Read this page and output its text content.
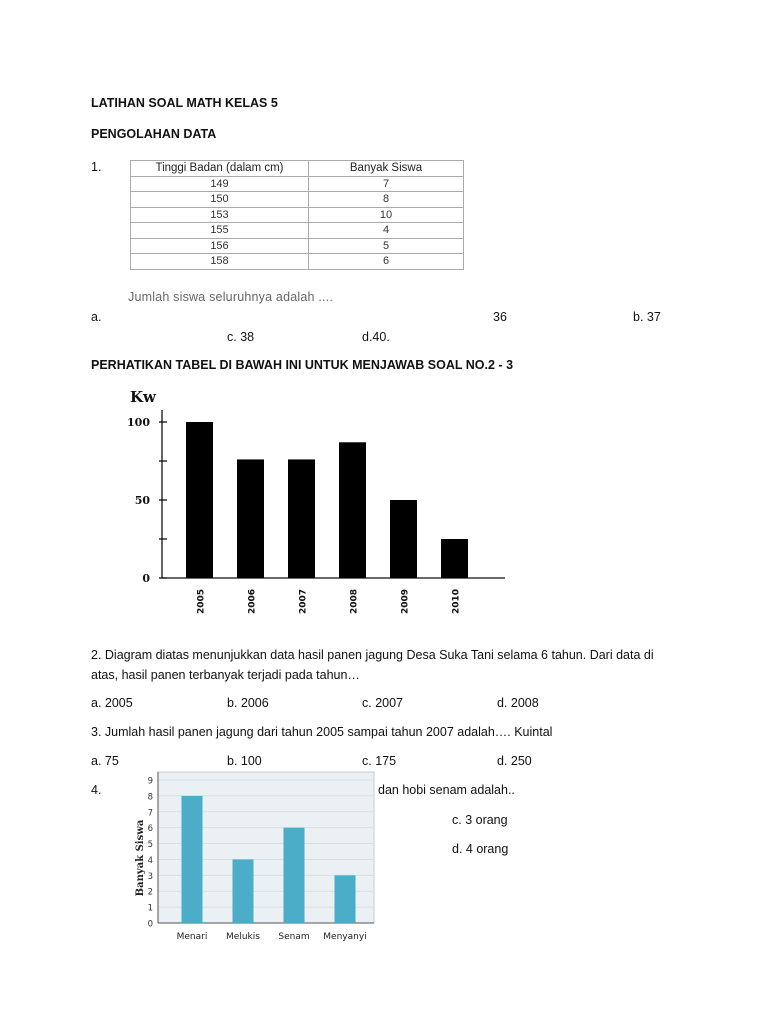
LATIHAN SOAL MATH KELAS 5
PENGOLAHAN DATA
1.	Tinggi Badan (dalam cm)	Banyak Siswa
149	7
150	8
153	10
155	4
156	5
158	6
Jumlah siswa seluruhnya adalah ....
a.	36	b. 37
c. 38	d.40.
PERHATIKAN TABEL DI BAWAH INI UNTUK MENJAWAB SOAL NO.2 - 3
Kw
0
50
100
2005	2006	2007	2008	2009	2010
2. Diagram diatas menunjukkan data hasil panen jagung Desa Suka Tani selama 6 tahun. Dari data di
atas, hasil panen terbanyak terjadi pada tahun…
a. 2005	b. 2006	c. 2007	d. 2008
3. Jumlah hasil panen jagung dari tahun 2005 sampai tahun 2007 adalah…. Kuintal
a. 75	b. 100	c. 175	d. 250
4.	dan hobi senam adalah..
c. 3 orang
d. 4 orang
0
1
2
3
4
5
6
7
8
9
Banyak Siswa
Menari Melukis Senam Menyanyi
